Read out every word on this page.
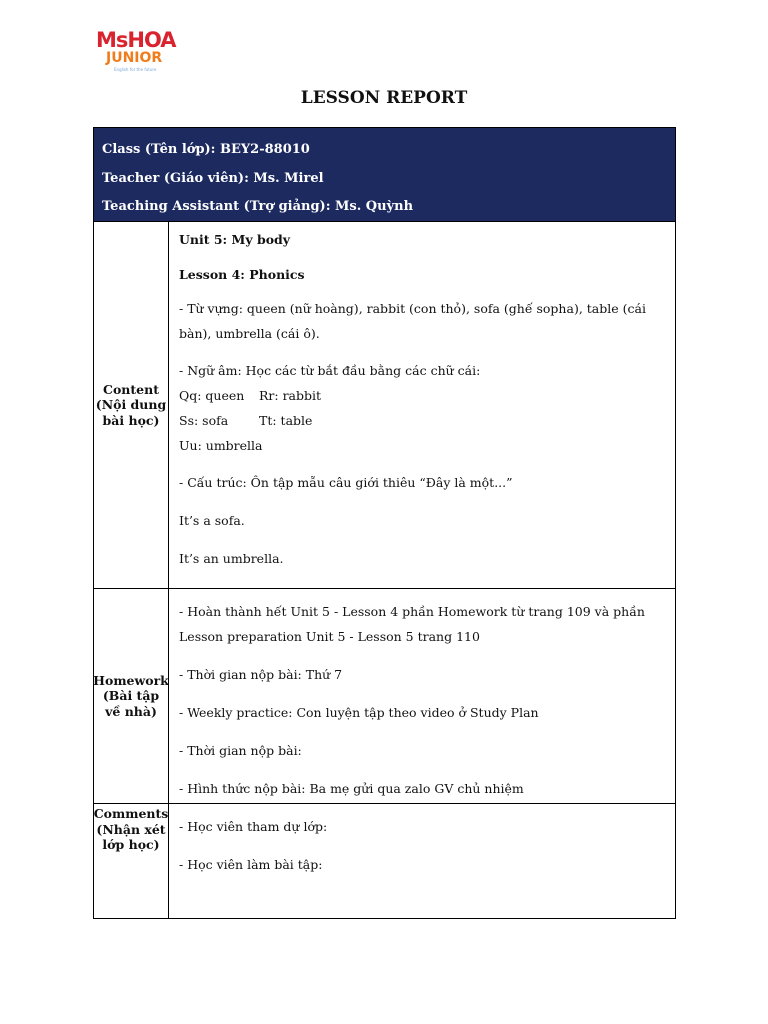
MsHOA
JUNIOR
English for the future
LESSON REPORT
Class (Tên lớp): BEY2-88010
Teacher (Giáo viên): Ms. Mirel
Teaching Assistant (Trợ giảng): Ms. Quỳnh
Content (Nội dung bài học)

Unit 5: My body

Lesson 4: Phonics

- Từ vựng: queen (nữ hoàng), rabbit (con thỏ), sofa (ghế sopha), table (cái bàn), umbrella (cái ô).

- Ngữ âm: Học các từ bắt đầu bằng các chữ cái:

Qq: queen Rr: rabbit

Ss: sofa Tt: table

Uu: umbrella

- Cấu trúc: Ôn tập mẫu câu giới thiêu “Đây là một...”

It’s a sofa.

It’s an umbrella.

Homework (Bài tập về nhà)

- Hoàn thành hết Unit 5 - Lesson 4 phần Homework từ trang 109 và phần Lesson preparation Unit 5 - Lesson 5 trang 110

- Thời gian nộp bài: Thứ 7

- Weekly practice: Con luyện tập theo video ở Study Plan

- Thời gian nộp bài:

- Hình thức nộp bài: Ba mẹ gửi qua zalo GV chủ nhiệm

Comments (Nhận xét lớp học)

- Học viên tham dự lớp:

- Học viên làm bài tập:
